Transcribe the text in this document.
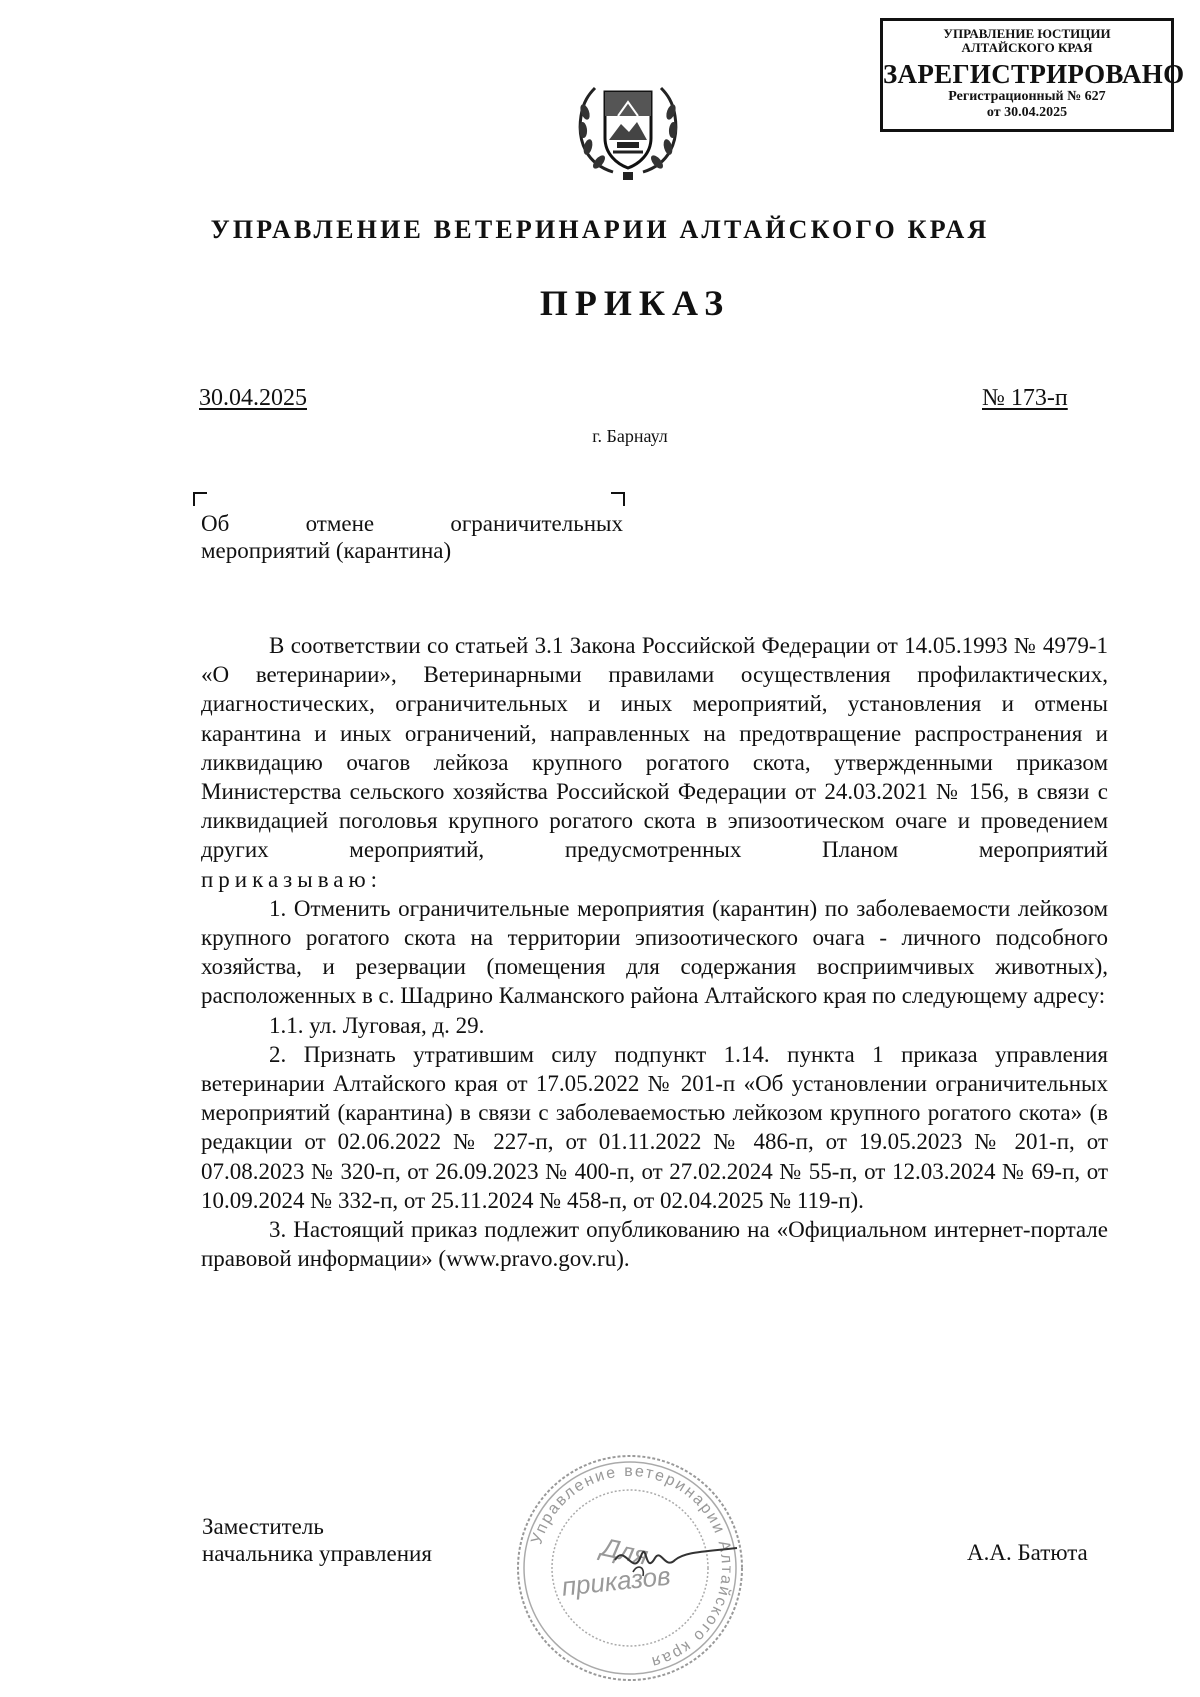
УПРАВЛЕНИЕ ЮСТИЦИИ
АЛТАЙСКОГО КРАЯ
ЗАРЕГИСТРИРОВАНО
Регистрационный № 627
от 30.04.2025
УПРАВЛЕНИЕ ВЕТЕРИНАРИИ АЛТАЙСКОГО КРАЯ
ПРИКАЗ
30.04.2025	№ 173-п
г. Барнаул
Об	отмене	ограничительных
мероприятий (карантина)

В соответствии со статьей 3.1 Закона Российской Федерации от 14.05.1993 № 4979-1 «О ветеринарии», Ветеринарными правилами осуществления профилактических, диагностических, ограничительных и иных мероприятий, установления и отмены карантина и иных ограничений, направленных на предотвращение распространения и ликвидацию очагов лейкоза крупного рогатого скота, утвержденными приказом Министерства сельского хозяйства Российской Федерации от 24.03.2021 № 156, в связи с ликвидацией поголовья крупного рогатого скота в эпизоотическом очаге и проведением других мероприятий, предусмотренных Планом мероприятий

приказываю:

1. Отменить ограничительные мероприятия (карантин) по заболеваемости лейкозом крупного рогатого скота на территории эпизоотического очага - личного подсобного хозяйства, и резервации (помещения для содержания восприимчивых животных), расположенных в с. Шадрино Калманского района Алтайского края по следующему адресу:

1.1. ул. Луговая, д. 29.

2. Признать утратившим силу подпункт 1.14. пункта 1 приказа управления ветеринарии Алтайского края от 17.05.2022 № 201-п «Об установлении ограничительных мероприятий (карантина) в связи с заболеваемостью лейкозом крупного рогатого скота» (в редакции от 02.06.2022 № 227-п, от 01.11.2022 № 486-п, от 19.05.2023 № 201-п, от 07.08.2023 № 320-п, от 26.09.2023 № 400-п, от 27.02.2024 № 55-п, от 12.03.2024 № 69-п, от 10.09.2024 № 332-п, от 25.11.2024 № 458-п, от 02.04.2025 № 119-п).

3. Настоящий приказ подлежит опубликованию на «Официальном интернет-портале правовой информации» (www.pravo.gov.ru).

Заместитель
начальника управления
Управление ветеринарии Алтайского края
Для
приказов
А.А. Батюта
